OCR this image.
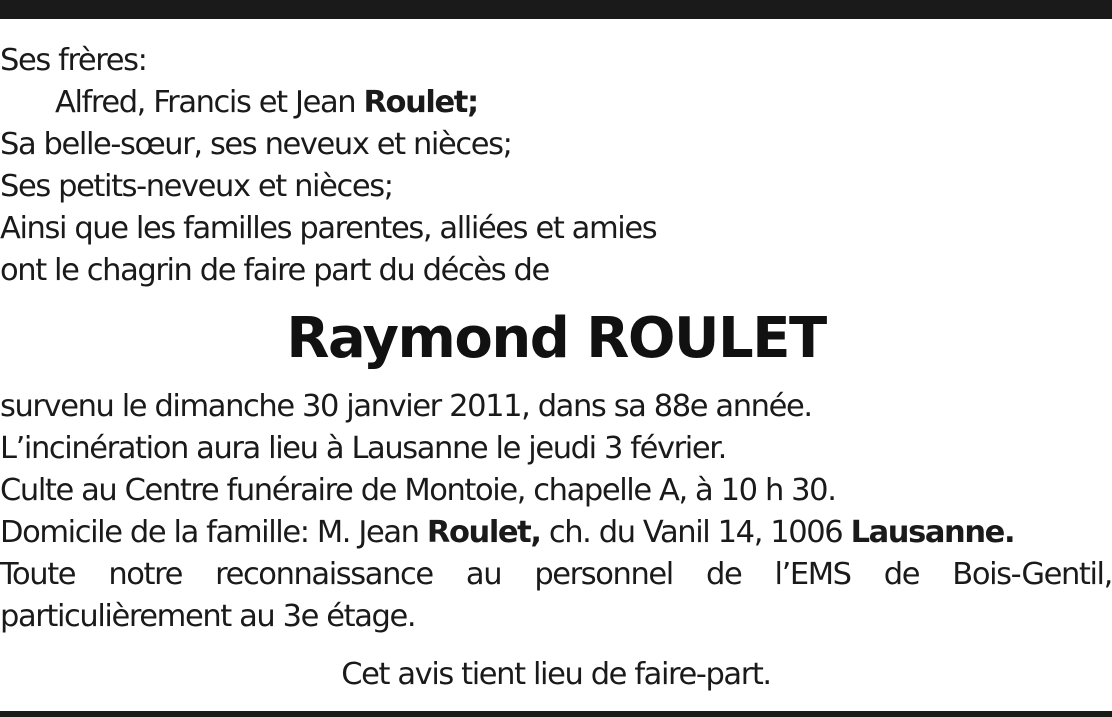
Ses frères:
Alfred, Francis et Jean Roulet;
Sa belle-sœur, ses neveux et nièces;
Ses petits-neveux et nièces;
Ainsi que les familles parentes, alliées et amies
ont le chagrin de faire part du décès de
Raymond ROULET
survenu le dimanche 30 janvier 2011, dans sa 88e année.
L’incinération aura lieu à Lausanne le jeudi 3 février.
Culte au Centre funéraire de Montoie, chapelle A, à 10 h 30.
Domicile de la famille: M. Jean Roulet, ch. du Vanil 14, 1006 Lausanne.
Toute notre reconnaissance au personnel de l’EMS de Bois-Gentil,
particulièrement au 3e étage.
Cet avis tient lieu de faire-part.
